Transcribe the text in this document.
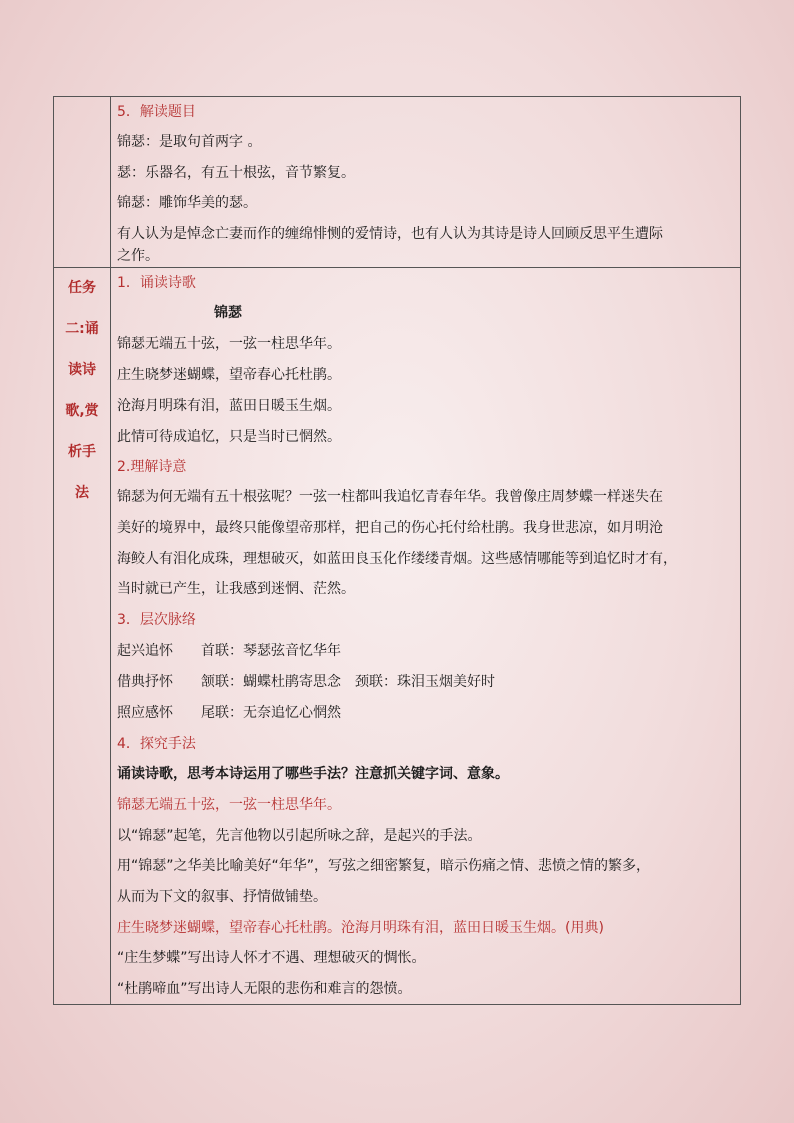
任务
二:诵
读诗
歌,赏
析手
法
5．解读题目
锦瑟：是取句首两字 。
瑟：乐器名，有五十根弦，音节繁复。
锦瑟：雕饰华美的瑟。
有人认为是悼念亡妻而作的缠绵悱恻的爱情诗，也有人认为其诗是诗人回顾反思平生遭际
之作。
1．诵读诗歌
锦瑟
锦瑟无端五十弦，一弦一柱思华年。
庄生晓梦迷蝴蝶，望帝春心托杜鹃。
沧海月明珠有泪，蓝田日暖玉生烟。
此情可待成追忆，只是当时已惘然。
2.理解诗意
锦瑟为何无端有五十根弦呢？一弦一柱都叫我追忆青春年华。我曾像庄周梦蝶一样迷失在
美好的境界中，最终只能像望帝那样，把自己的伤心托付给杜鹃。我身世悲凉，如月明沧
海鲛人有泪化成珠，理想破灭，如蓝田良玉化作缕缕青烟。这些感情哪能等到追忆时才有，
当时就已产生，让我感到迷惘、茫然。
3．层次脉络
起兴追怀　　首联：琴瑟弦音忆华年
借典抒怀　　颔联：蝴蝶杜鹃寄思念　颈联：珠泪玉烟美好时
照应感怀　　尾联：无奈追忆心惘然
4．探究手法
诵读诗歌，思考本诗运用了哪些手法？注意抓关键字词、意象。
锦瑟无端五十弦，一弦一柱思华年。
以“锦瑟”起笔，先言他物以引起所咏之辞，是起兴的手法。
用“锦瑟”之华美比喻美好“年华”，写弦之细密繁复，暗示伤痛之情、悲愤之情的繁多，
从而为下文的叙事、抒情做铺垫。
庄生晓梦迷蝴蝶，望帝春心托杜鹃。沧海月明珠有泪，蓝田日暖玉生烟。(用典)
“庄生梦蝶”写出诗人怀才不遇、理想破灭的惆怅。
“杜鹃啼血”写出诗人无限的悲伤和难言的怨愤。
